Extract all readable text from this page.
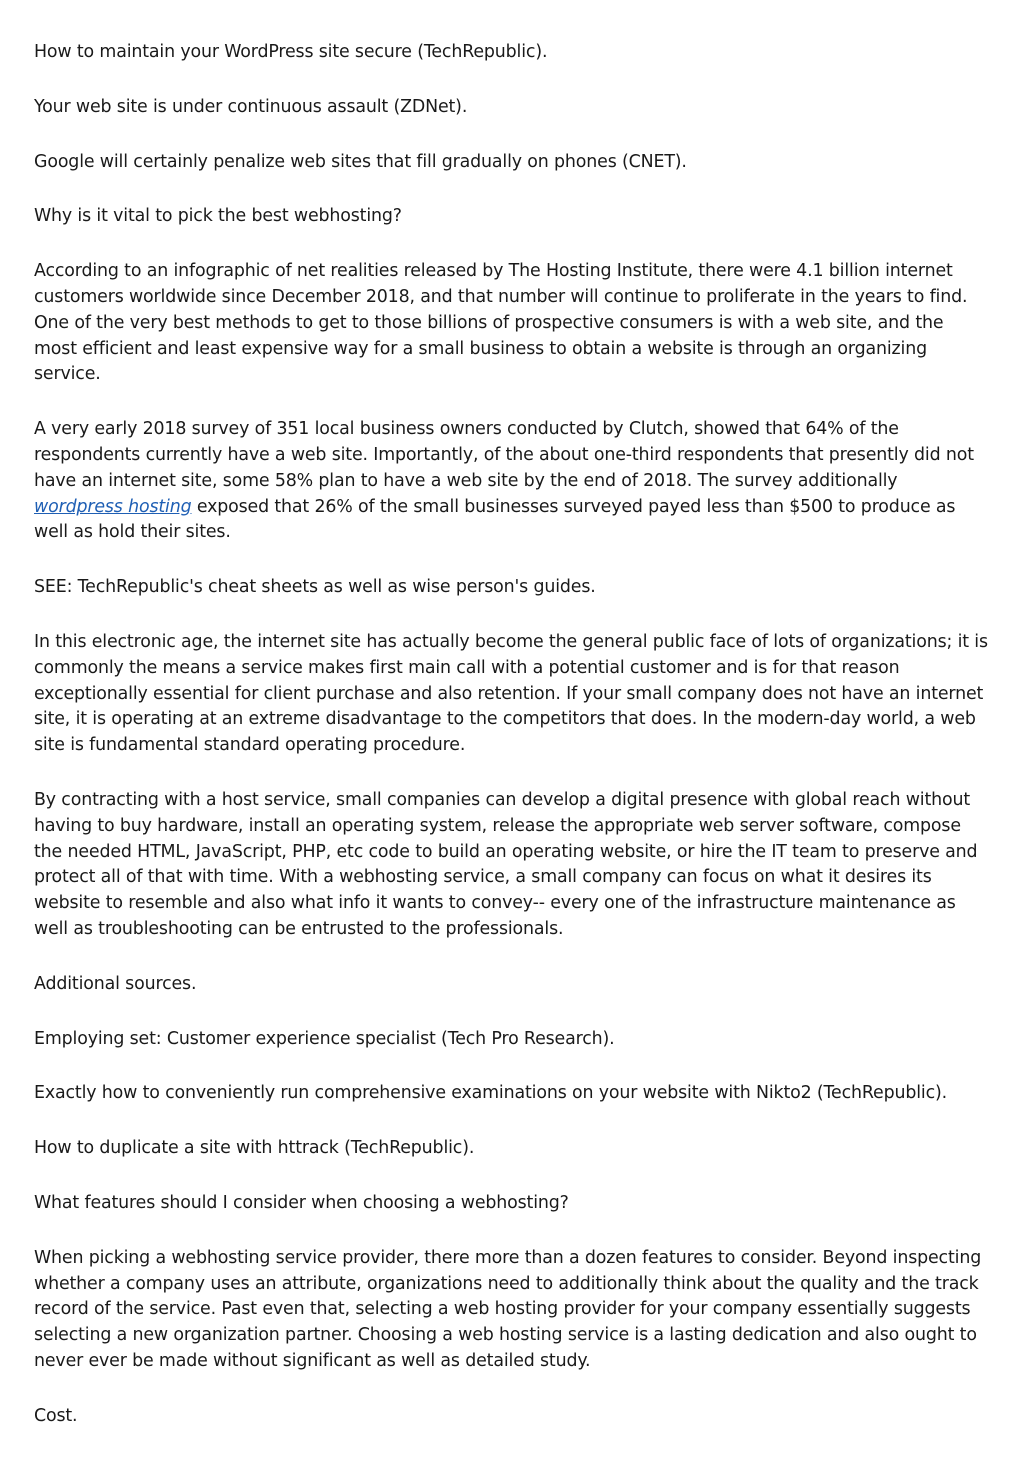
How to maintain your WordPress site secure (TechRepublic).

Your web site is under continuous assault (ZDNet).

Google will certainly penalize web sites that fill gradually on phones (CNET).

Why is it vital to pick the best webhosting?

According to an infographic of net realities released by The Hosting Institute, there were 4.1 billion internet customers worldwide since December 2018, and that number will continue to proliferate in the years to find. One of the very best methods to get to those billions of prospective consumers is with a web site, and the most efficient and least expensive way for a small business to obtain a website is through an organizing service.

A very early 2018 survey of 351 local business owners conducted by Clutch, showed that 64% of the respondents currently have a web site. Importantly, of the about one-third respondents that presently did not have an internet site, some 58% plan to have a web site by the end of 2018. The survey additionally wordpress hosting exposed that 26% of the small businesses surveyed payed less than $500 to produce as well as hold their sites.

SEE: TechRepublic's cheat sheets as well as wise person's guides.

In this electronic age, the internet site has actually become the general public face of lots of organizations; it is commonly the means a service makes first main call with a potential customer and is for that reason exceptionally essential for client purchase and also retention. If your small company does not have an internet site, it is operating at an extreme disadvantage to the competitors that does. In the modern-day world, a web site is fundamental standard operating procedure.

By contracting with a host service, small companies can develop a digital presence with global reach without having to buy hardware, install an operating system, release the appropriate web server software, compose the needed HTML, JavaScript, PHP, etc code to build an operating website, or hire the IT team to preserve and protect all of that with time. With a webhosting service, a small company can focus on what it desires its website to resemble and also what info it wants to convey-- every one of the infrastructure maintenance as well as troubleshooting can be entrusted to the professionals.

Additional sources.

Employing set: Customer experience specialist (Tech Pro Research).

Exactly how to conveniently run comprehensive examinations on your website with Nikto2 (TechRepublic).

How to duplicate a site with httrack (TechRepublic).

What features should I consider when choosing a webhosting?

When picking a webhosting service provider, there more than a dozen features to consider. Beyond inspecting whether a company uses an attribute, organizations need to additionally think about the quality and the track record of the service. Past even that, selecting a web hosting provider for your company essentially suggests selecting a new organization partner. Choosing a web hosting service is a lasting dedication and also ought to never ever be made without significant as well as detailed study.

Cost.
